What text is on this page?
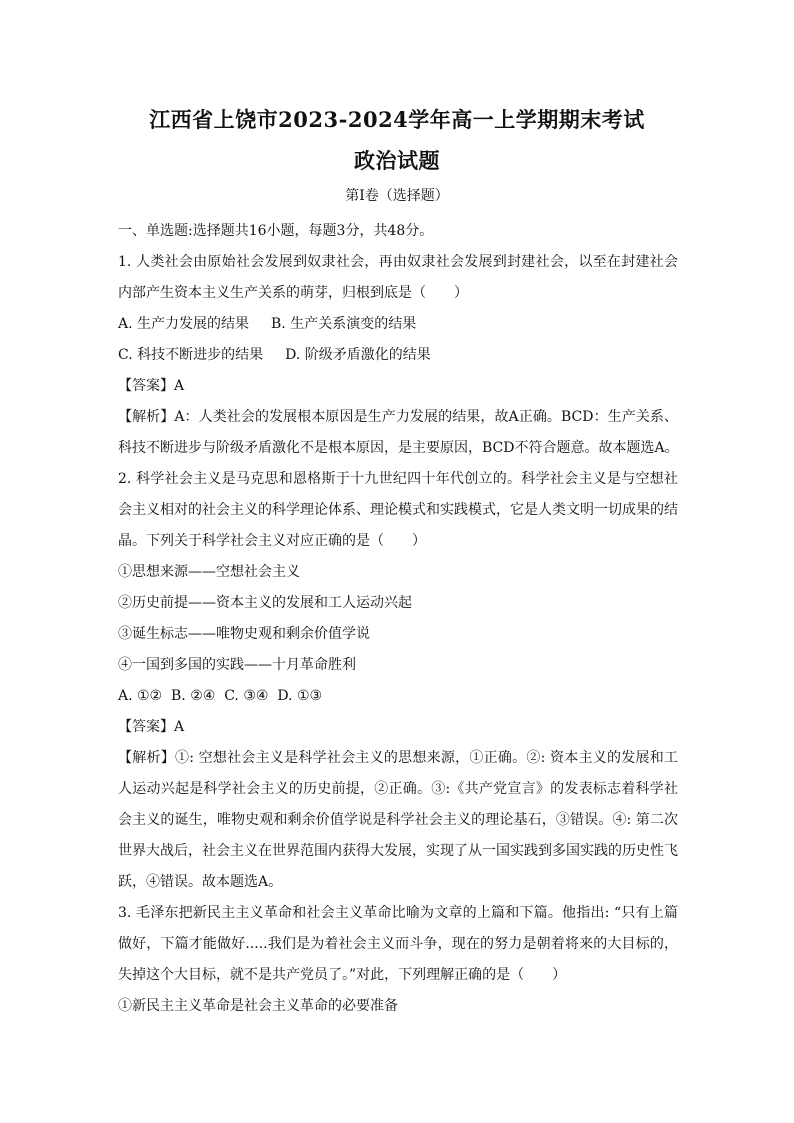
江西省上饶市2023-2024学年高一上学期期末考试
政治试题
第I卷（选择题）
一、单选题:选择题共16小题，每题3分，共48分。
1. 人类社会由原始社会发展到奴隶社会，再由奴隶社会发展到封建社会，以至在封建社会
内部产生资本主义生产关系的萌芽，归根到底是（　　）
A. 生产力发展的结果 B. 生产关系演变的结果
C. 科技不断进步的结果 D. 阶级矛盾激化的结果
【答案】A
【解析】A：人类社会的发展根本原因是生产力发展的结果，故A正确。BCD：生产关系、
科技不断进步与阶级矛盾激化不是根本原因，是主要原因，BCD不符合题意。故本题选A。
2. 科学社会主义是马克思和恩格斯于十九世纪四十年代创立的。科学社会主义是与空想社
会主义相对的社会主义的科学理论体系、理论模式和实践模式，它是人类文明一切成果的结
晶。下列关于科学社会主义对应正确的是（　　）
①思想来源——空想社会主义
②历史前提——资本主义的发展和工人运动兴起
③诞生标志——唯物史观和剩余价值学说
④一国到多国的实践——十月革命胜利
A. ①②  B. ②④  C. ③④  D. ①③
【答案】A
【解析】①: 空想社会主义是科学社会主义的思想来源，①正确。②: 资本主义的发展和工
人运动兴起是科学社会主义的历史前提，②正确。③:《共产党宣言》的发表标志着科学社
会主义的诞生，唯物史观和剩余价值学说是科学社会主义的理论基石，③错误。④: 第二次
世界大战后，社会主义在世界范围内获得大发展，实现了从一国实践到多国实践的历史性飞
跃，④错误。故本题选A。
3. 毛泽东把新民主主义革命和社会主义革命比喻为文章的上篇和下篇。他指出: “只有上篇
做好，下篇才能做好.....我们是为着社会主义而斗争，现在的努力是朝着将来的大目标的，
失掉这个大目标，就不是共产党员了。”对此，下列理解正确的是（　　）
①新民主主义革命是社会主义革命的必要准备
